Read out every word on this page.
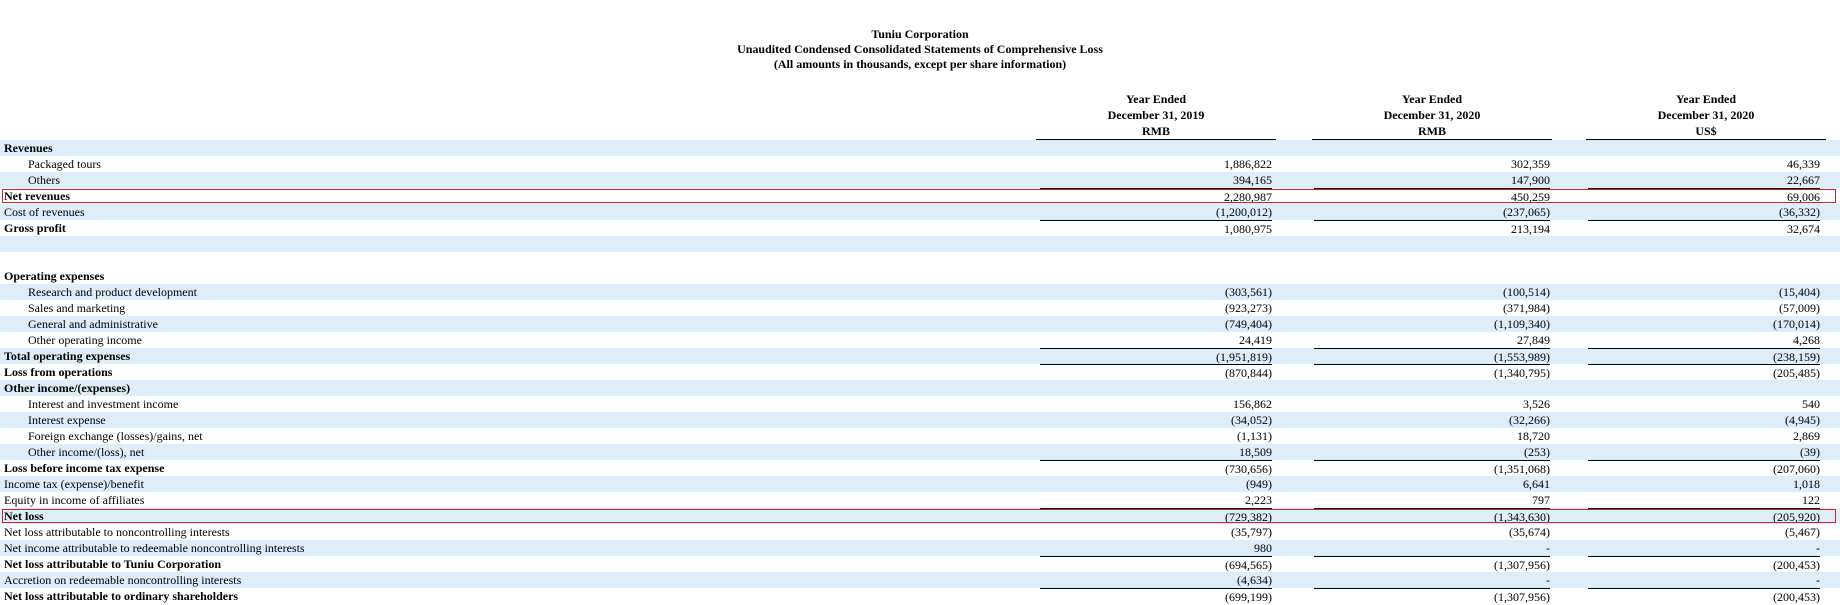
Tuniu Corporation
Unaudited Condensed Consolidated Statements of Comprehensive Loss
(All amounts in thousands, except per share information)
Year Ended
December 31, 2019
RMB
Year Ended
December 31, 2020
RMB
Year Ended
December 31, 2020
US$
Revenues
Packaged tours	1,886,822	302,359	46,339
Others	394,165	147,900	22,667
Net revenues	2,280,987	450,259	69,006
Cost of revenues	(1,200,012)	(237,065)	(36,332)
Gross profit	1,080,975	213,194	32,674
Operating expenses
Research and product development	(303,561)	(100,514)	(15,404)
Sales and marketing	(923,273)	(371,984)	(57,009)
General and administrative	(749,404)	(1,109,340)	(170,014)
Other operating income	24,419	27,849	4,268
Total operating expenses	(1,951,819)	(1,553,989)	(238,159)
Loss from operations	(870,844)	(1,340,795)	(205,485)
Other income/(expenses)
Interest and investment income	156,862	3,526	540
Interest expense	(34,052)	(32,266)	(4,945)
Foreign exchange (losses)/gains, net	(1,131)	18,720	2,869
Other income/(loss), net	18,509	(253)	(39)
Loss before income tax expense	(730,656)	(1,351,068)	(207,060)
Income tax (expense)/benefit	(949)	6,641	1,018
Equity in income of affiliates	2,223	797	122
Net loss	(729,382)	(1,343,630)	(205,920)
Net loss attributable to noncontrolling interests	(35,797)	(35,674)	(5,467)
Net income attributable to redeemable noncontrolling interests	980	-	-
Net loss attributable to Tuniu Corporation	(694,565)	(1,307,956)	(200,453)
Accretion on redeemable noncontrolling interests	(4,634)	-	-
Net loss attributable to ordinary shareholders	(699,199)	(1,307,956)	(200,453)
